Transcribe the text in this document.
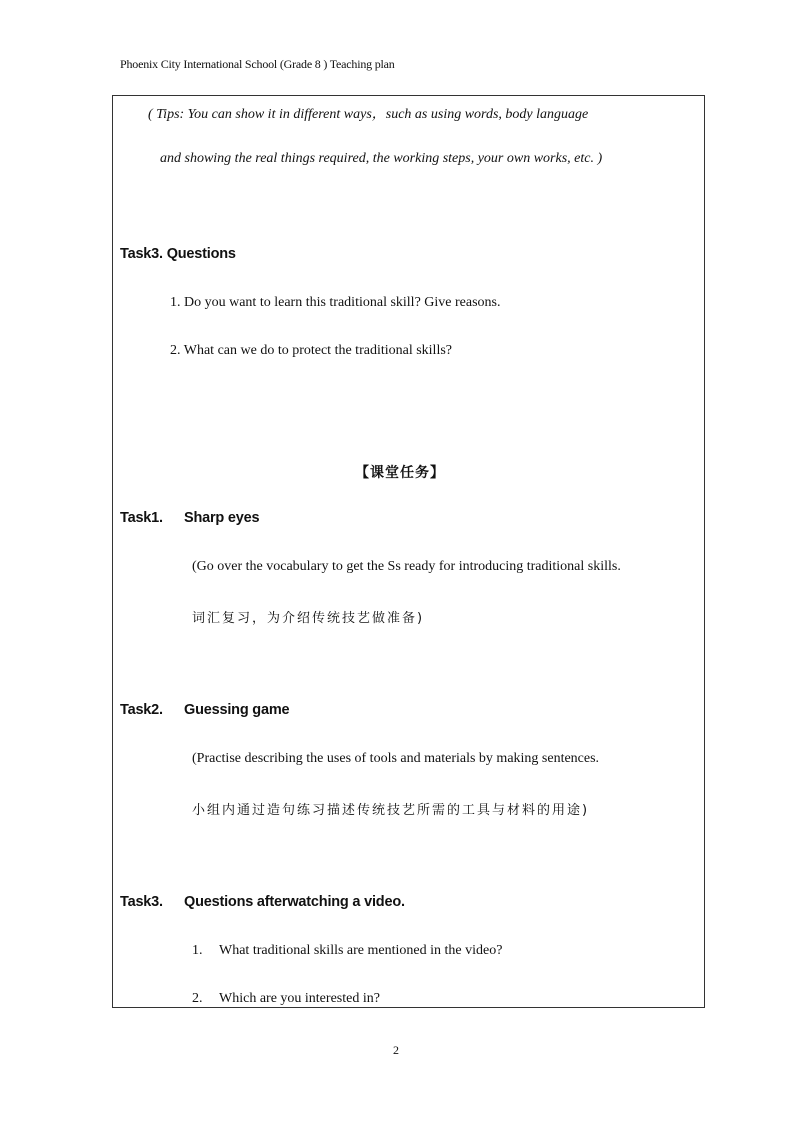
Phoenix City International School (Grade 8 ) Teaching plan
( Tips: You can show it in different ways，such as using words, body language
and showing the real things required, the working steps, your own works, etc. )
Task3. Questions
1. Do you want to learn this traditional skill? Give reasons.
2. What can we do to protect the traditional skills?
【课堂任务】
Task1. Sharp eyes
(Go over the vocabulary to get the Ss ready for introducing traditional skills.
词汇复习，为介绍传统技艺做准备)
Task2. Guessing game
(Practise describing the uses of tools and materials by making sentences.
小组内通过造句练习描述传统技艺所需的工具与材料的用途)
Task3. Questions afterwatching a video.
1. What traditional skills are mentioned in the video?
2. Which are you interested in?
2
